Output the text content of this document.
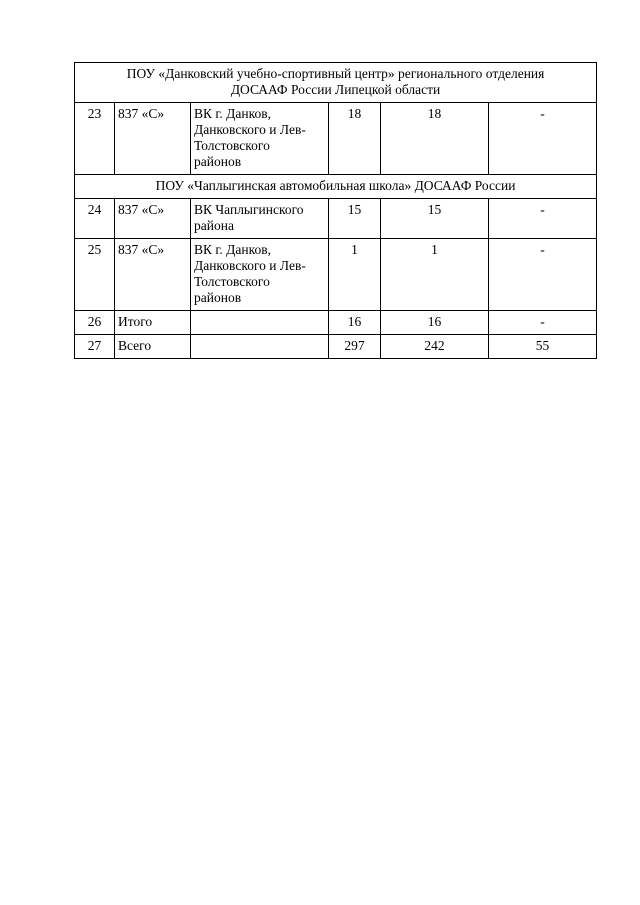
ПОУ «Данковский учебно-спортивный центр» регионального отделения
ДОСААФ России Липецкой области					

23	837 «С»	ВК г. Данков,
Данковского и Лев-
Толстовского
районов	18	18	-

ПОУ «Чаплыгинская автомобильная школа» ДОСААФ России					

24	837 «С»	ВК Чаплыгинского
района	15	15	-
25	837 «С»	ВК г. Данков,
Данковского и Лев-
Толстовского
районов	1	1	-
26	Итого		16	16	-
27	Всего		297	242	55
